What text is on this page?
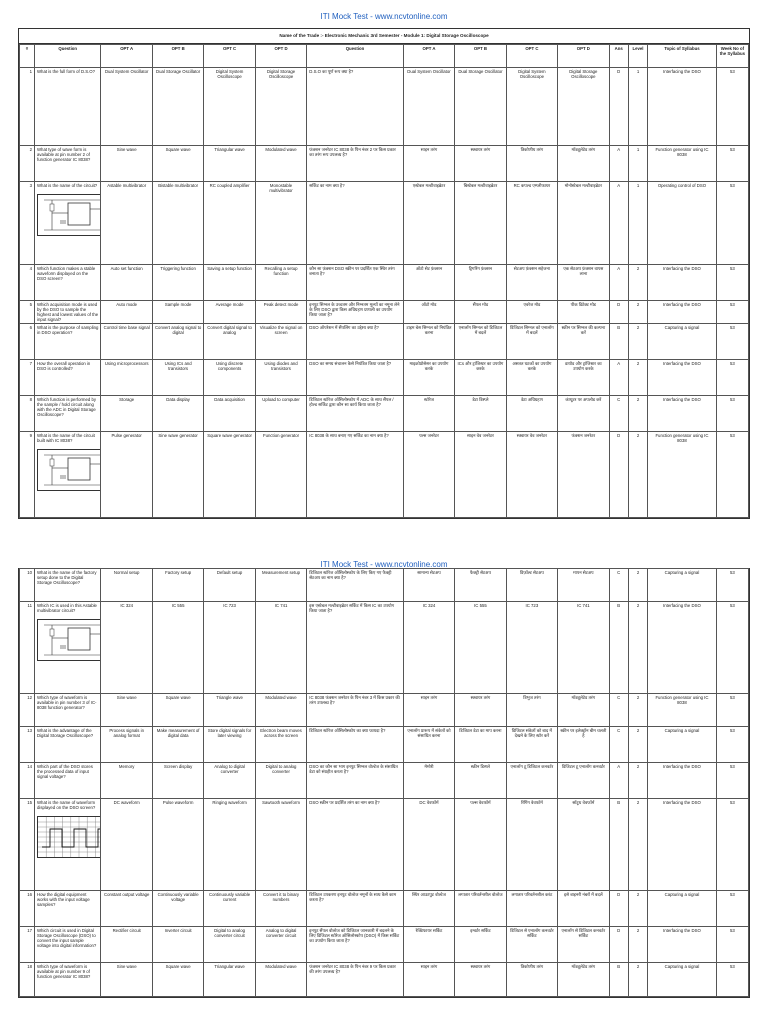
ITI Mock Test - www.ncvtonline.com
Name of the Trade :- Electronic Mechanic 3rd Semester - Module 1: Digital Storage Oscilloscope
#	Question	OPT A	OPT B	OPT C	OPT D	Question	OPT A	OPT B	OPT C	OPT D	Ans	Level	Topic of Syllabus	Week No of the Syllabus

1	What is the full form of D.S.O?	Dual System Oscillator	Dual Storage Oscillator	Digital System Oscilloscope	Digital Storage Oscilloscope	D.S.O का पूर्ण रूप क्या है?	Dual System Oscillator	Dual Storage Oscillator	Digital System Oscilloscope	Digital Storage Oscilloscope	D	1	Interfacing the DSO	53

2	What type of wave form is available at pin number 2 of function generator IC 8038?	Sine wave	Square wave	Triangular wave	Modulated wave	फंक्शन जनरेटर IC 8038 के पिन नंबर 2 पर किस प्रकार का तरंग रूप उपलब्ध है?	साइन तरंग	स्क्वायर तरंग	त्रिकोणीय तरंग	मॉड्यूलेटेड तरंग	A	1	Function generator using IC 8038	53

3	What is the name of the circuit?	Astable multivibrator	Bistable multivibrator	RC coupled amplifier	Monostable multivibrator	सर्किट का नाम क्या है?	एस्टेबल मल्टीवाइब्रेटर	बिस्टेबल मल्टीवाइब्रेटर	RC कपल्ड एम्प्लीफायर	मोनोस्टेबल मल्टीवाइब्रेटर	A	1	Operating control of DSO	53

4	Which function makes a stable waveform displayed on the DSO screen?	Auto set function	Triggering function	Saving a setup function	Recalling a setup function	कौन सा फ़ंक्शन DSO स्क्रीन पर प्रदर्शित एक स्थिर तरंग बनाता है?	ऑटो सेट फ़ंक्शन	ट्रिगरिंग फ़ंक्शन	सेटअप फ़ंक्शन सहेजना	एक सेटअप फ़ंक्शन वापस लाना	A	2	Interfacing the DSO	53

5	Which acquisition mode is used by the DSO to sample the highest and lowest values of the input signal?	Auto mode	Sample mode	Average mode	Peak detect mode	इनपुट सिग्नल के उच्चतम और निम्नतम मूल्यों का नमूना लेने के लिए DSO द्वारा किस अधिग्रहण प्रणाली का उपयोग किया जाता है?	ऑटो मोड	सैंपल मोड	एवरेज मोड	पीक डिटेक्ट मोड	D	2	Interfacing the DSO	53

6	What is the purpose of sampling in DSO operation?	Control time base signal	Convert analog signal to digital	Convert digital signal to analog	Visualize the signal on screen	DSO ऑपरेशन में सैंपलिंग का उद्देश्य क्या है?	टाइम बेस सिग्नल को नियंत्रित करना	एनालॉग सिग्नल को डिजिटल में बदलें	डिजिटल सिग्नल को एनालॉग में बदलें	स्क्रीन पर सिग्नल की कल्पना करें	B	2	Capturing a signal	53

7	How the overall operation in DSO is controlled?	Using microprocessors	Using ICs and transistors	Using discrete components	Using diodes and transistors	DSO का समग्र संचालन कैसे नियंत्रित किया जाता है?	माइक्रोप्रोसेसर का उपयोग करके	ICs और ट्रांजिस्टर का उपयोग करके	असतत घटकों का उपयोग करके	डायोड और ट्रांजिस्टर का उपयोग करके	A	2	Interfacing the DSO	53

8	Which function is performed by the sample / hold circuit along with the ADC in Digital Storage Oscilloscope?	Storage	Data display	Data acquisition	Upload to computer	डिजिटल स्टोरेज ऑसिलोस्कोप में ADC के साथ सैंपल / होल्ड सर्किट द्वारा कौन सा कार्य किया जाता है?	स्टोरेज	डेटा डिस्प्ले	डेटा अधिग्रहण	कंप्यूटर पर अपलोड करें	C	2	Interfacing the DSO	53

9	What is the name of the circuit built with IC 8038?	Pulse generator	Sine wave generator	Square wave generator	Function generator	IC 8038 के साथ बनाए गए सर्किट का नाम क्या है?	पल्स जनरेटर	साइन वेव जनरेटर	स्क्वायर वेव जनरेटर	फंक्शन जनरेटर	D	2	Function generator using IC 8038	53
ITI Mock Test - www.ncvtonline.com
10	What is the name of the factory setup done to the Digital Storage Oscilloscope?	Normal setup	Factory setup	Default setup	Measurement setup	डिजिटल स्टोरेज ऑसिलोस्कोप के लिए किए गए फैक्ट्री सेटअप का नाम क्या है?	सामान्य सेटअप	फैक्ट्री सेटअप	डिफ़ॉल्ट सेटअप	मापन सेटअप	C	2	Capturing a signal	53

11	Which IC is used in this Astable multivibrator circuit?	IC 324	IC 555	IC 723	IC 741	इस एस्टेबल मल्टीवाइब्रेटर सर्किट में किस IC का उपयोग किया जाता है?	IC 324	IC 555	IC 723	IC 741	B	2	Interfacing the DSO	53

12	Which type of waveform is available in pin number 3 of IC-8038 function generator?	Sine wave	Square wave	Triangle wave	Modulated wave	IC 8038 फंक्शन जनरेटर के पिन नंबर 3 में किस प्रकार की तरंग उपलब्ध है?	साइन तरंग	स्क्वायर तरंग	त्रिभुज तरंग	मॉड्यूलेटेड तरंग	C	2	Function generator using IC 8038	53

13	What is the advantage of the Digital Storage Oscilloscope?	Process signals in analog format	Make measurement of digital data	Store digital signals for later viewing	Electron beam moves across the screen	डिजिटल स्टोरेज ऑसिलोस्कोप का क्या फायदा है?	एनालॉग प्रारूप में संकेतों को संसाधित करना	डिजिटल डेटा का माप करना	डिजिटल संकेतों को बाद में देखने के लिए स्टोर करें	स्क्रीन पर इलेक्ट्रॉन बीम चलती है	C	2	Capturing a signal	53

14	Which part of the DSO stores the processed data of input signal voltage?	Memory	Screen display	Analog to digital converter	Digital to analog converter	DSO का कौन सा भाग इनपुट सिग्नल वोल्टेज के संसाधित डेटा को संग्रहीत करता है?	मेमोरी	स्क्रीन डिस्प्ले	एनालॉग टू डिजिटल कनवर्टर	डिजिटल टू एनालॉग कनवर्टर	A	2	Interfacing the DSO	53

15	What is the name of waveform displayed on the DSO screen?	DC waveform	Pulse waveform	Ringing waveform	Sawtooth waveform	DSO स्क्रीन पर प्रदर्शित तरंग का नाम क्या है?	DC वेवफॉर्म	पल्स वेवफॉर्म	रिंगिंग वेवफॉर्म	सॉटूथ वेवफॉर्म	B	2	Interfacing the DSO	53

16	How the digital equipment works with the input voltage samples?	Constant output voltage	Continuously variable voltage	Continuously variable current	Convert it to binary numbers	डिजिटल उपकरण इनपुट वोल्टेज नमूनों के साथ कैसे काम करता है?	स्थिर आउटपुट वोल्टेज	लगातार परिवर्तनशील वोल्टेज	लगातार परिवर्तनशील करंट	इसे बाइनरी नंबरों में बदलें	D	2	Capturing a signal	53

17	Which circuit is used in Digital Storage Oscilloscope (DSO) to convert the input sample voltage into digital information?	Rectifier circuit	Inverter circuit	Digital to analog converter circuit	Analog to digital converter circuit	इनपुट सैंपल वोल्टेज को डिजिटल जानकारी में बदलने के लिए डिजिटल स्टोरेज ऑसिलोस्कोप (DSO) में किस सर्किट का उपयोग किया जाता है?	रेक्टिफायर सर्किट	इन्वर्टर सर्किट	डिजिटल से एनालॉग कनवर्टर सर्किट	एनालॉग से डिजिटल कनवर्टर सर्किट	D	2	Interfacing the DSO	53

18	Which type of waveform is available at pin number 9 of function generator IC 8038?	Sine wave	Square wave	Triangular wave	Modulated wave	फंक्शन जनरेटर IC 8038 के पिन नंबर 9 पर किस प्रकार की तरंग उपलब्ध है?	साइन तरंग	स्क्वायर तरंग	त्रिकोणीय तरंग	मॉड्यूलेटेड तरंग	B	2	Capturing a signal	53
